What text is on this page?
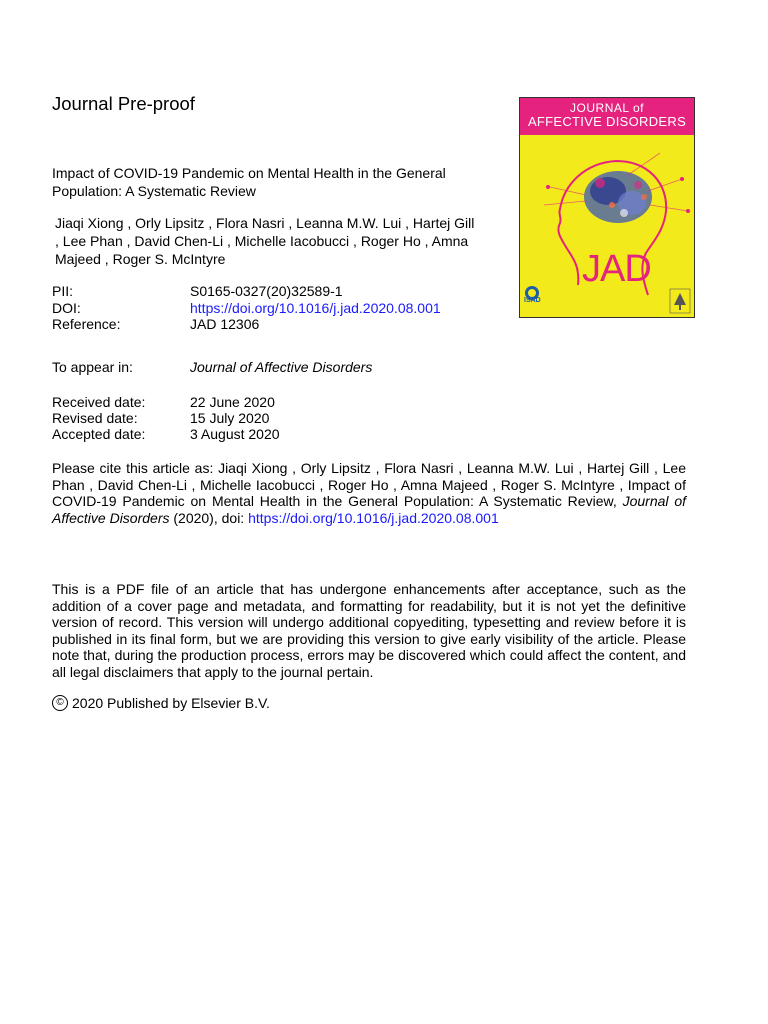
Journal Pre-proof
Impact of COVID-19 Pandemic on Mental Health in the General Population: A Systematic Review
Jiaqi Xiong , Orly Lipsitz , Flora Nasri , Leanna M.W. Lui , Hartej Gill , Lee Phan , David Chen-Li , Michelle Iacobucci , Roger Ho , Amna Majeed , Roger S. McIntyre
PII:	S0165-0327(20)32589-1
DOI:	https://doi.org/10.1016/j.jad.2020.08.001
Reference:	JAD 12306
To appear in:	Journal of Affective Disorders
Received date:	22 June 2020
Revised date:	15 July 2020
Accepted date:	3 August 2020
Please cite this article as: Jiaqi Xiong , Orly Lipsitz , Flora Nasri , Leanna M.W. Lui , Hartej Gill , Lee Phan , David Chen-Li , Michelle Iacobucci , Roger Ho , Amna Majeed , Roger S. McIntyre , Impact of COVID-19 Pandemic on Mental Health in the General Population: A Systematic Review, Journal of Affective Disorders (2020), doi: https://doi.org/10.1016/j.jad.2020.08.001
This is a PDF file of an article that has undergone enhancements after acceptance, such as the addition of a cover page and metadata, and formatting for readability, but it is not yet the definitive version of record. This version will undergo additional copyediting, typesetting and review before it is published in its final form, but we are providing this version to give early visibility of the article. Please note that, during the production process, errors may be discovered which could affect the content, and all legal disclaimers that apply to the journal pertain.
© 2020 Published by Elsevier B.V.
JOURNAL of
AFFECTIVE DISORDERS
JAD
ISAD
